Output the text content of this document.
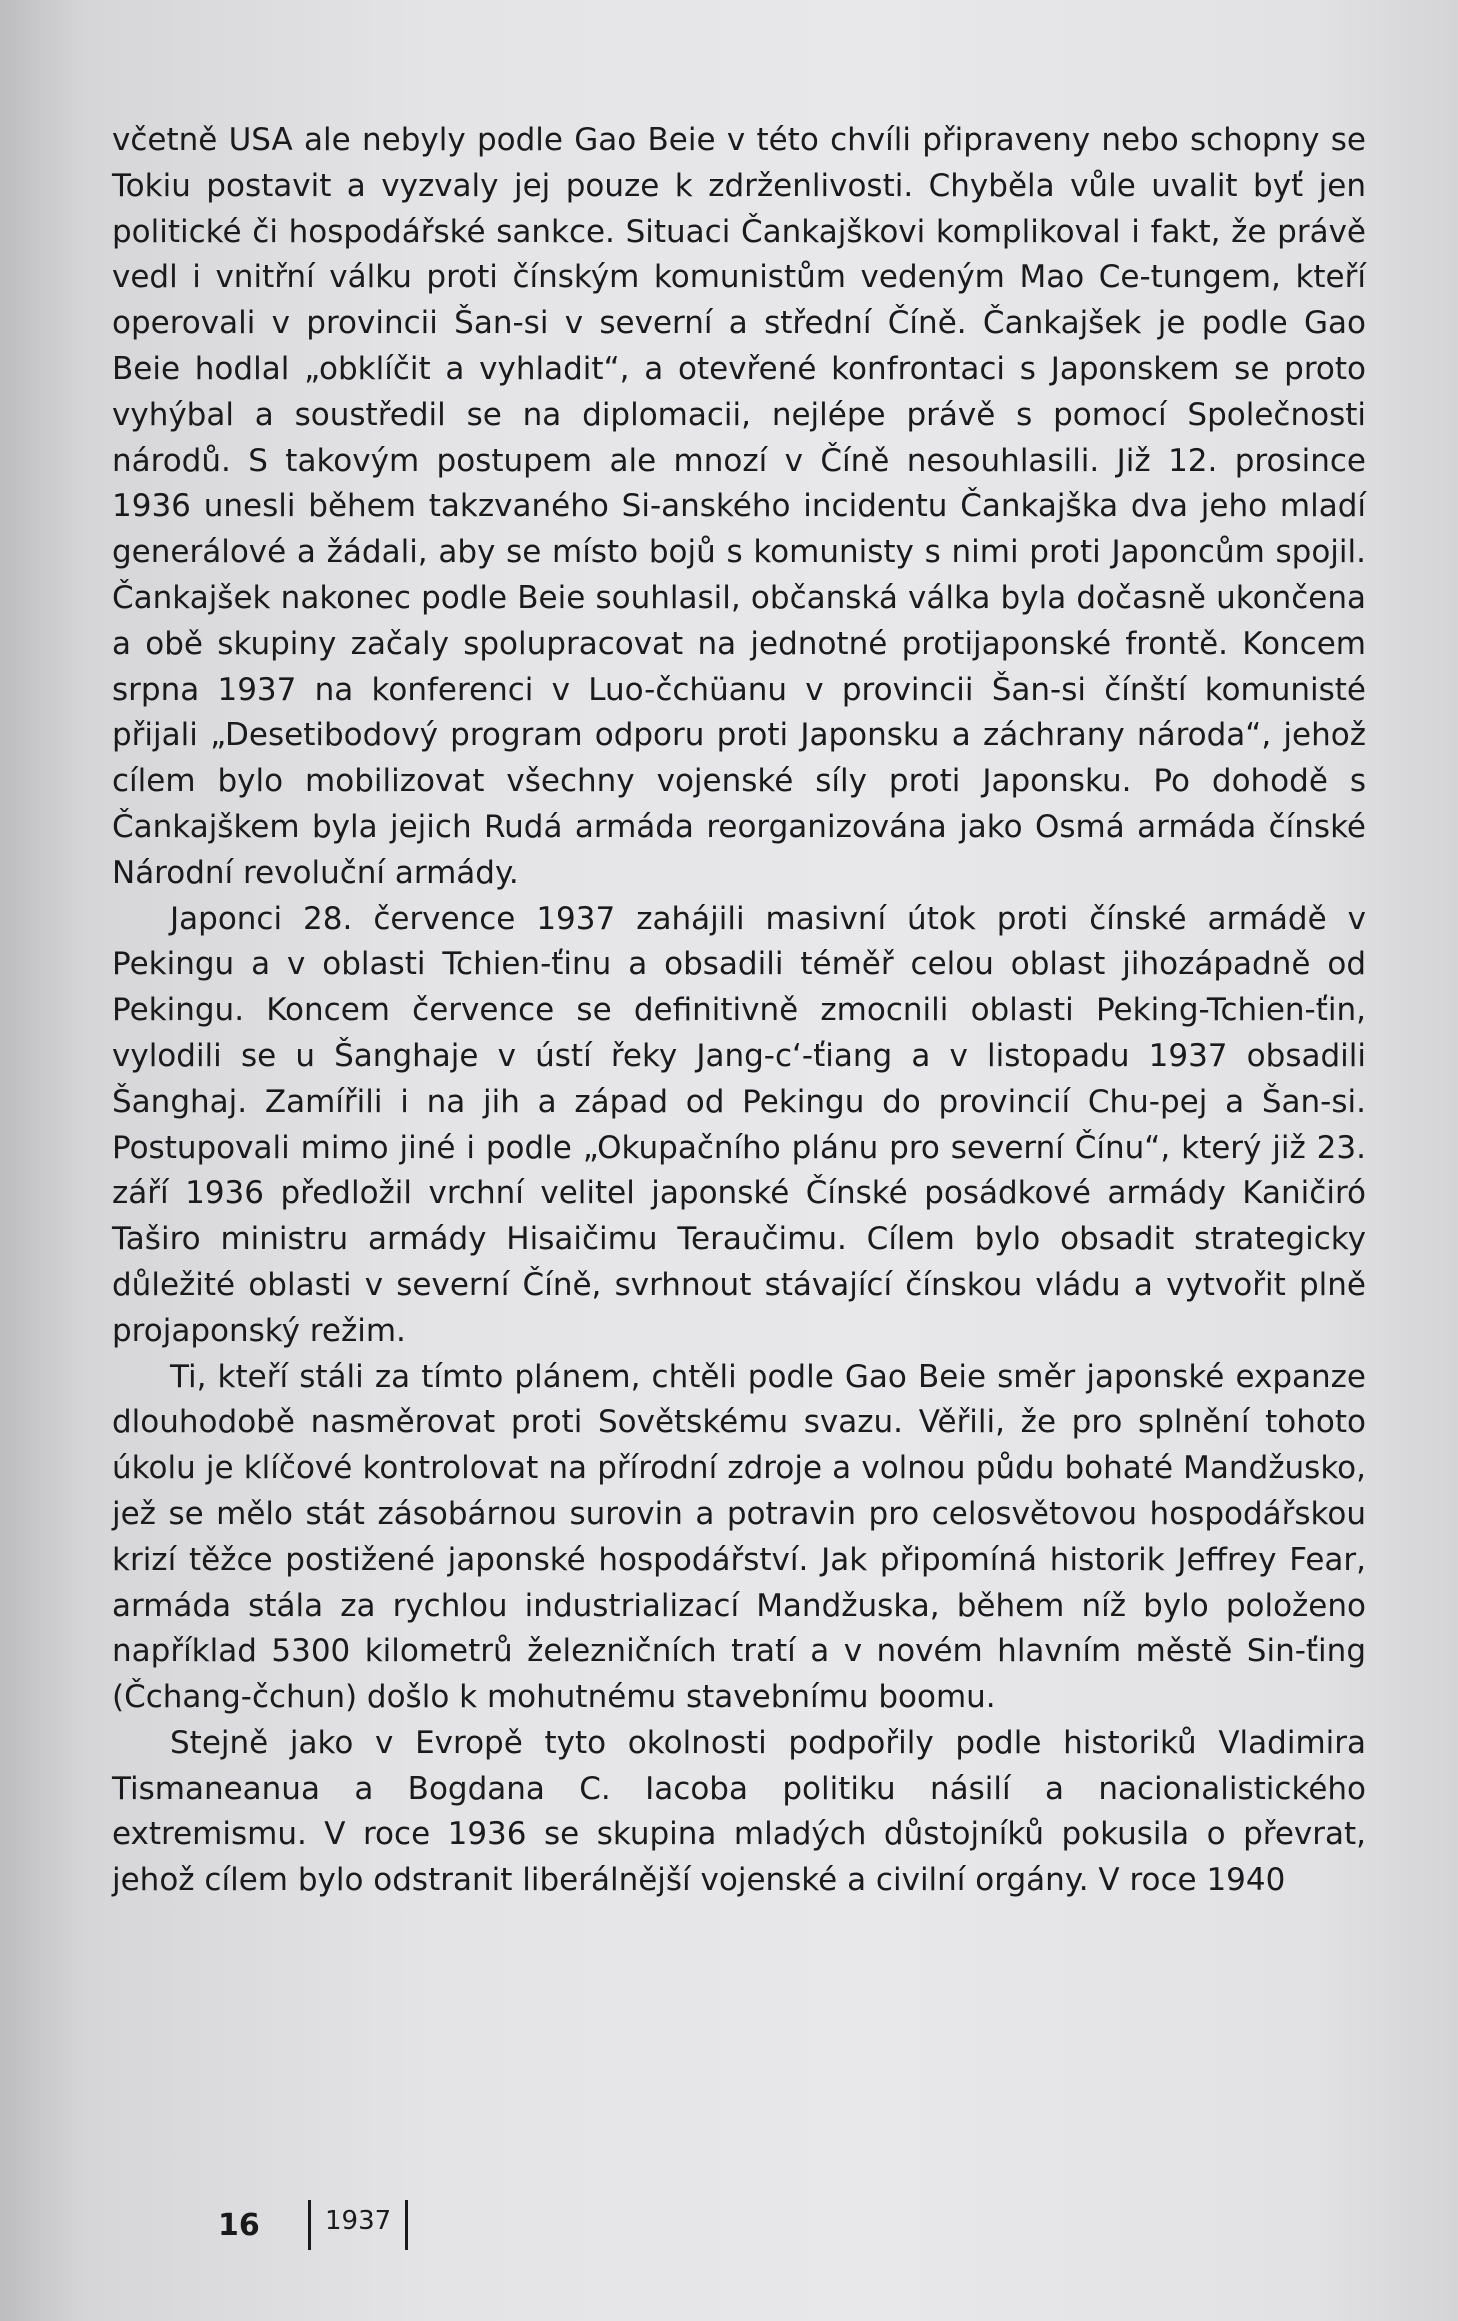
včetně USA ale nebyly podle Gao Beie v této chvíli připraveny nebo schopny se Tokiu postavit a vyzvaly jej pouze k zdrženlivosti. Chyběla vůle uvalit byť jen politické či hospodářské sankce. Situaci Čankajškovi komplikoval i fakt, že právě vedl i vnitřní válku proti čínským komunistům vedeným Mao Ce-tungem, kteří operovali v provincii Šan-si v severní a střední Číně. Čankajšek je podle Gao Beie hodlal „obklíčit a vyhladit“, a otevřené konfrontaci s Japonskem se proto vyhýbal a soustředil se na diplomacii, nejlépe právě s pomocí Společnosti národů. S takovým postupem ale mnozí v Číně nesouhlasili. Již 12. prosince 1936 unesli během takzvaného Si-anského incidentu Čankajška dva jeho mladí generálové a žádali, aby se místo bojů s komunisty s nimi proti Japoncům spojil. Čankajšek nakonec podle Beie souhlasil, občanská válka byla dočasně ukončena a obě skupiny začaly spolupracovat na jednotné protijaponské frontě. Koncem srpna 1937 na konferenci v Luo-čchüanu v provincii Šan-si čínští komunisté přijali „Desetibodový program odporu proti Japonsku a záchrany národa“, jehož cílem bylo mobilizovat všechny vojenské síly proti Japonsku. Po dohodě s Čankajškem byla jejich Rudá armáda reorganizována jako Osmá armáda čínské Národní revoluční armády.

Japonci 28. července 1937 zahájili masivní útok proti čínské armádě v Pekingu a v oblasti Tchien-ťinu a obsadili téměř celou oblast jihozápadně od Pekingu. Koncem července se definitivně zmocnili oblasti Peking-Tchien-ťin, vylodili se u Šanghaje v ústí řeky Jang-c‘-ťiang a v listopadu 1937 obsadili Šanghaj. Zamířili i na jih a západ od Pekingu do provincií Chu-pej a Šan-si. Postupovali mimo jiné i podle „Okupačního plánu pro severní Čínu“, který již 23. září 1936 předložil vrchní velitel japonské Čínské posádkové armády Kaničiró Taširo ministru armády Hisaičimu Teraučimu. Cílem bylo obsadit strategicky důležité oblasti v severní Číně, svrhnout stávající čínskou vládu a vytvořit plně projaponský režim.

Ti, kteří stáli za tímto plánem, chtěli podle Gao Beie směr japonské expanze dlouhodobě nasměrovat proti Sovětskému svazu. Věřili, že pro splnění tohoto úkolu je klíčové kontrolovat na přírodní zdroje a volnou půdu bohaté Mandžusko, jež se mělo stát zásobárnou surovin a potravin pro celosvětovou hospodářskou krizí těžce postižené japonské hospodářství. Jak připomíná historik Jeffrey Fear, armáda stála za rychlou industrializací Mandžuska, během níž bylo položeno například 5300 kilometrů železničních tratí a v novém hlavním městě Sin-ťing (Čchang-čchun) došlo k mohutnému stavebnímu boomu.

Stejně jako v Evropě tyto okolnosti podpořily podle historiků Vladimira Tismaneanua a Bogdana C. Iacoba politiku násilí a nacionalistického extremismu. V roce 1936 se skupina mladých důstojníků pokusila o převrat, jehož cílem bylo odstranit liberálnější vojenské a civilní orgány. V roce 1940

16	1937
